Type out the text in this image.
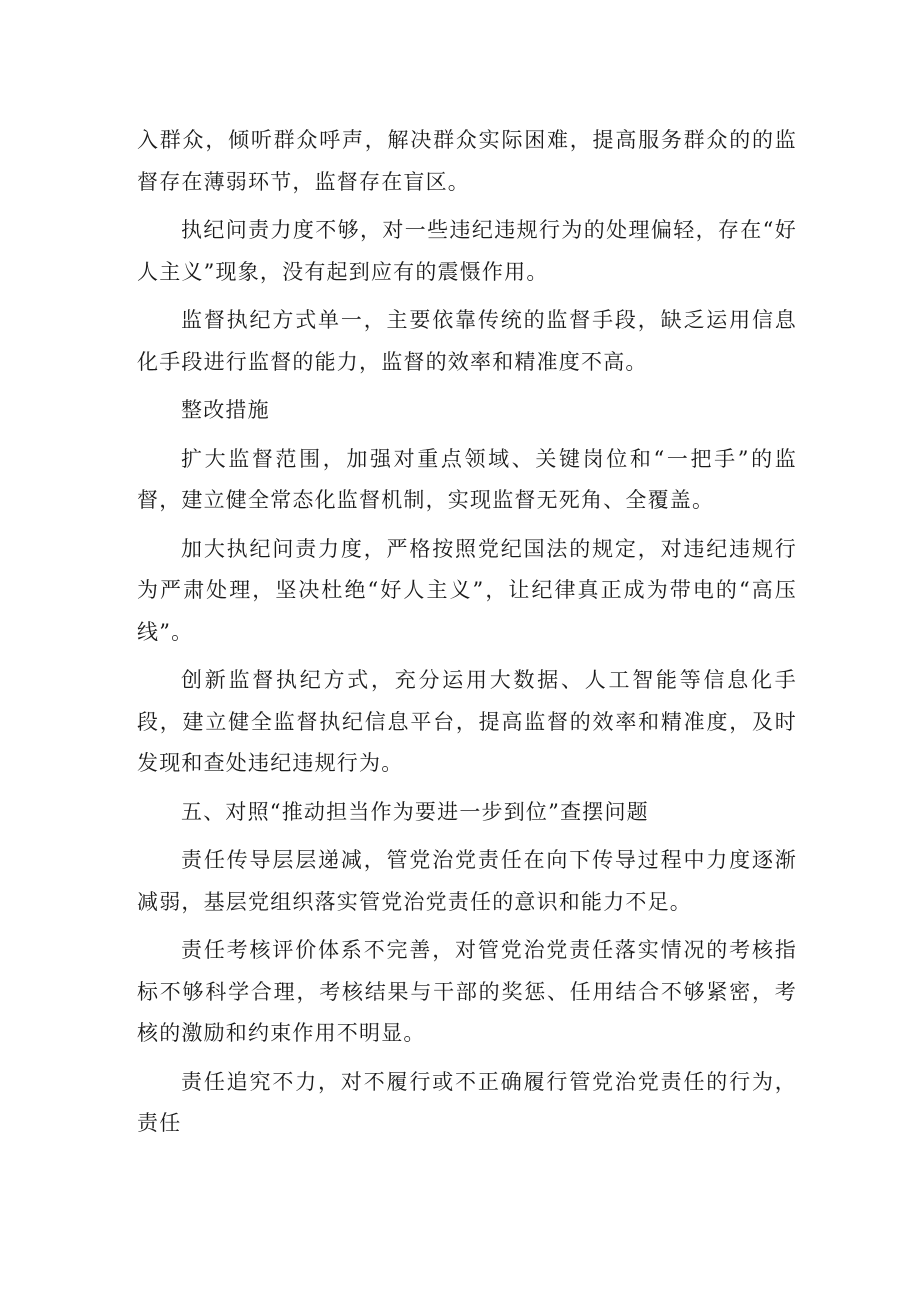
入群众，倾听群众呼声，解决群众实际困难，提高服务群众的的监督存在薄弱环节，监督存在盲区。

执纪问责力度不够，对一些违纪违规行为的处理偏轻，存在“好人主义”现象，没有起到应有的震慑作用。

监督执纪方式单一，主要依靠传统的监督手段，缺乏运用信息化手段进行监督的能力，监督的效率和精准度不高。

整改措施

扩大监督范围，加强对重点领域、关键岗位和“一把手”的监督，建立健全常态化监督机制，实现监督无死角、全覆盖。

加大执纪问责力度，严格按照党纪国法的规定，对违纪违规行为严肃处理，坚决杜绝“好人主义”，让纪律真正成为带电的“高压线”。

创新监督执纪方式，充分运用大数据、人工智能等信息化手段，建立健全监督执纪信息平台，提高监督的效率和精准度，及时发现和查处违纪违规行为。

五、对照“推动担当作为要进一步到位”查摆问题

责任传导层层递减，管党治党责任在向下传导过程中力度逐渐减弱，基层党组织落实管党治党责任的意识和能力不足。

责任考核评价体系不完善，对管党治党责任落实情况的考核指标不够科学合理，考核结果与干部的奖惩、任用结合不够紧密，考核的激励和约束作用不明显。

责任追究不力，对不履行或不正确履行管党治党责任的行为，责任
